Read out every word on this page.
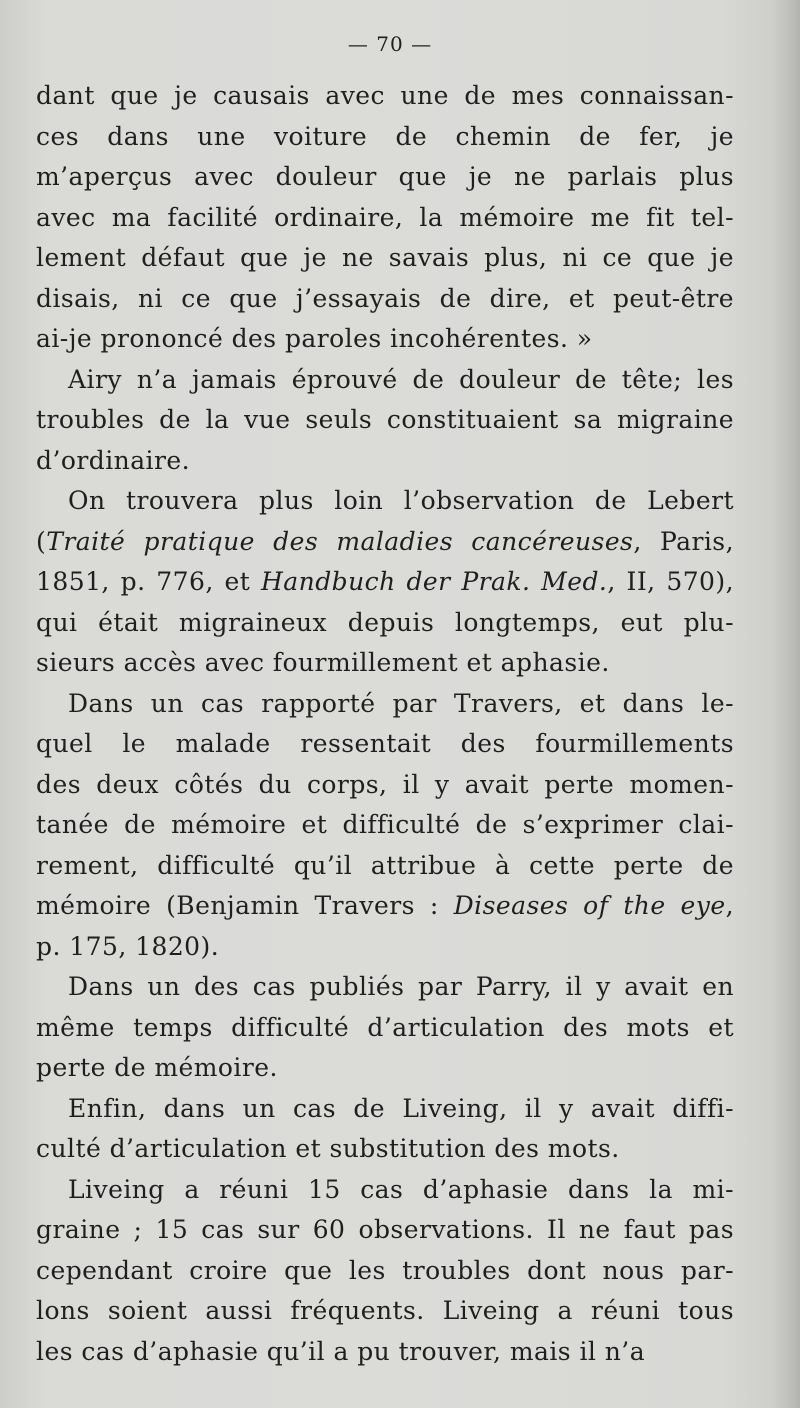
— 70 —
dant que je causais avec une de mes connaissan-
ces dans une voiture de chemin de fer, je
m’aperçus avec douleur que je ne parlais plus
avec ma facilité ordinaire, la mémoire me fit tel-
lement défaut que je ne savais plus, ni ce que je
disais, ni ce que j’essayais de dire, et peut-être
ai-je prononcé des paroles incohérentes. »
Airy n’a jamais éprouvé de douleur de tête; les
troubles de la vue seuls constituaient sa migraine
d’ordinaire.
On trouvera plus loin l’observation de Lebert
(Traité pratique des maladies cancéreuses, Paris,
1851, p. 776, et Handbuch der Prak. Med., II, 570),
qui était migraineux depuis longtemps, eut plu-
sieurs accès avec fourmillement et aphasie.
Dans un cas rapporté par Travers, et dans le-
quel le malade ressentait des fourmillements
des deux côtés du corps, il y avait perte momen-
tanée de mémoire et difficulté de s’exprimer clai-
rement, difficulté qu’il attribue à cette perte de
mémoire (Benjamin Travers : Diseases of the eye,
p. 175, 1820).
Dans un des cas publiés par Parry, il y avait en
même temps difficulté d’articulation des mots et
perte de mémoire.
Enfin, dans un cas de Liveing, il y avait diffi-
culté d’articulation et substitution des mots.
Liveing a réuni 15 cas d’aphasie dans la mi-
graine ; 15 cas sur 60 observations. Il ne faut pas
cependant croire que les troubles dont nous par-
lons soient aussi fréquents. Liveing a réuni tous
les cas d’aphasie qu’il a pu trouver, mais il n’a
